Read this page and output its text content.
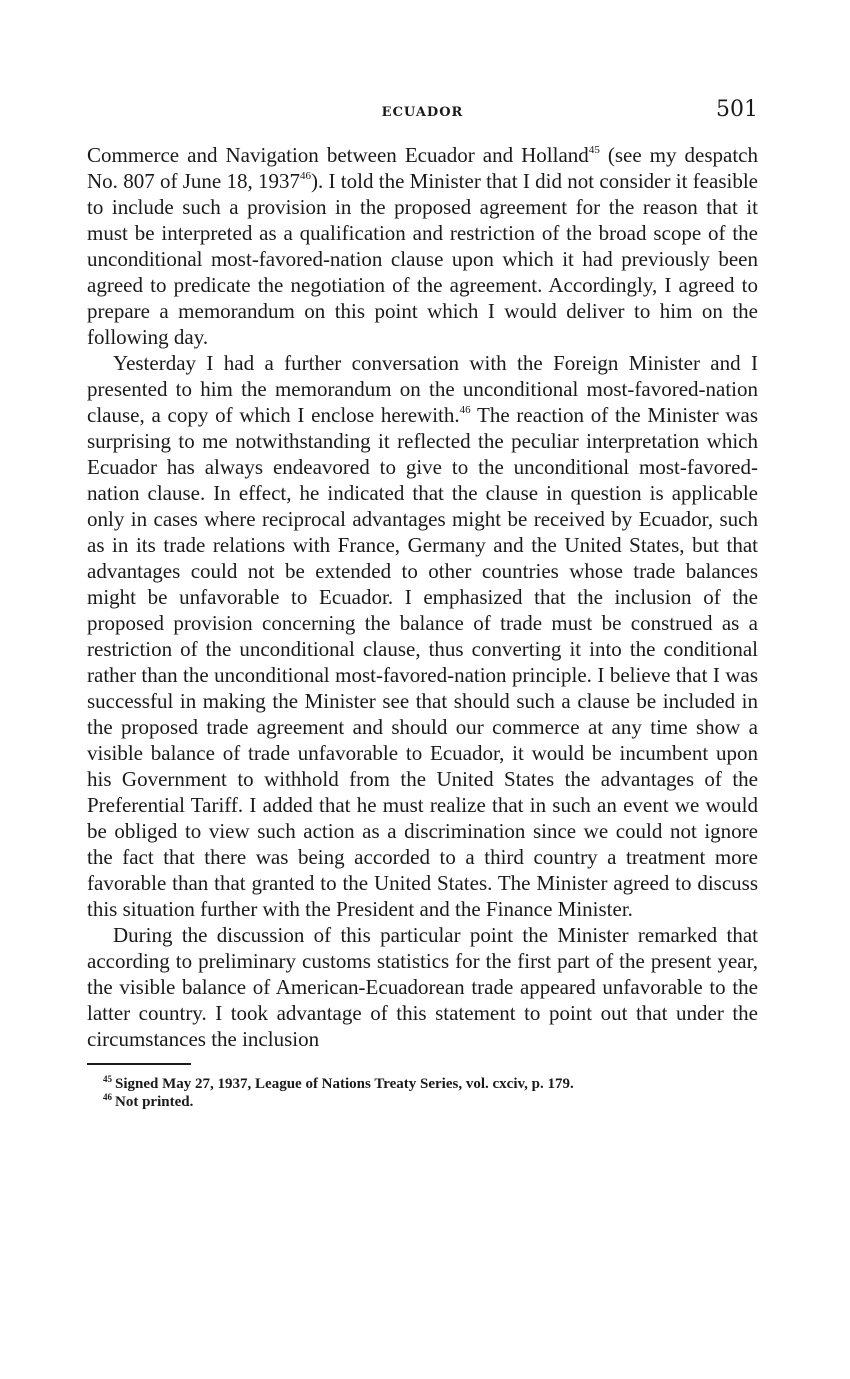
ECUADOR	501

Commerce and Navigation between Ecuador and Holland$^{45}$ (see my despatch No. 807 of June 18, 1937$^{46}$). I told the Minister that I did not consider it feasible to include such a provision in the proposed agreement for the reason that it must be interpreted as a qualification and restriction of the broad scope of the unconditional most-favored-nation clause upon which it had previously been agreed to predicate the negotiation of the agreement. Accordingly, I agreed to prepare a memorandum on this point which I would deliver to him on the following day.

Yesterday I had a further conversation with the Foreign Minister and I presented to him the memorandum on the unconditional most-favored-nation clause, a copy of which I enclose herewith.$^{46}$ The reaction of the Minister was surprising to me notwithstanding it reflected the peculiar interpretation which Ecuador has always endeavored to give to the unconditional most-favored-nation clause. In effect, he indicated that the clause in question is applicable only in cases where reciprocal advantages might be received by Ecuador, such as in its trade relations with France, Germany and the United States, but that advantages could not be extended to other countries whose trade balances might be unfavorable to Ecuador. I emphasized that the inclusion of the proposed provision concerning the balance of trade must be construed as a restriction of the unconditional clause, thus converting it into the conditional rather than the unconditional most-favored-nation principle. I believe that I was successful in making the Minister see that should such a clause be included in the proposed trade agreement and should our commerce at any time show a visible balance of trade unfavorable to Ecuador, it would be incumbent upon his Government to withhold from the United States the advantages of the Preferential Tariff. I added that he must realize that in such an event we would be obliged to view such action as a discrimination since we could not ignore the fact that there was being accorded to a third country a treatment more favorable than that granted to the United States. The Minister agreed to discuss this situation further with the President and the Finance Minister.

During the discussion of this particular point the Minister remarked that according to preliminary customs statistics for the first part of the present year, the visible balance of American-Ecuadorean trade appeared unfavorable to the latter country. I took advantage of this statement to point out that under the circumstances the inclusion

$^{45}$  Signed May 27, 1937, League of Nations Treaty Series, vol. cxciv, p. 179.

$^{46}$  Not printed.
